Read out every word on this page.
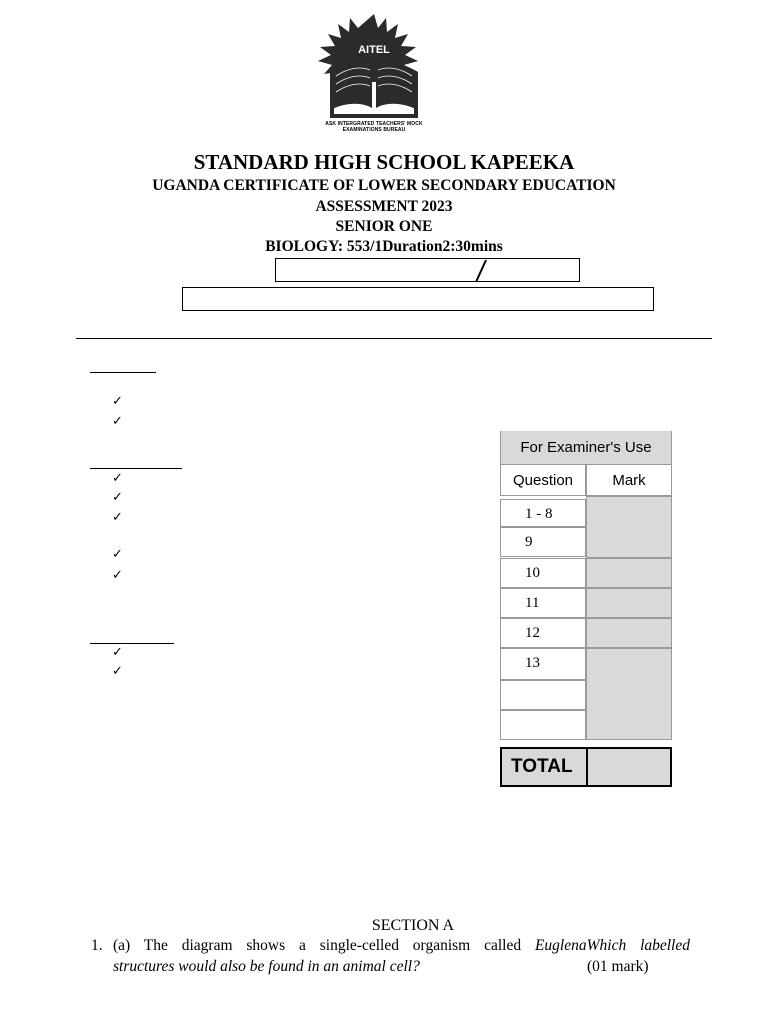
AITEL
ASK INTERGRATED TEACHERS' MOCK
EXAMINATIONS BUREAU
STANDARD HIGH SCHOOL KAPEEKA
UGANDA CERTIFICATE OF LOWER SECONDARY EDUCATION
ASSESSMENT 2023
SENIOR ONE
BIOLOGY: 553/1Duration2:30mins
✓
✓
✓
✓
✓
✓
✓
✓
✓
For Examiner's Use
Question	Mark
1 - 8
9
10
11
12
13
TOTAL
SECTION A
1. (a) The diagram shows a single-celled organism called EuglenaWhich labelled
structures would also be found in an animal cell?	(01 mark)
